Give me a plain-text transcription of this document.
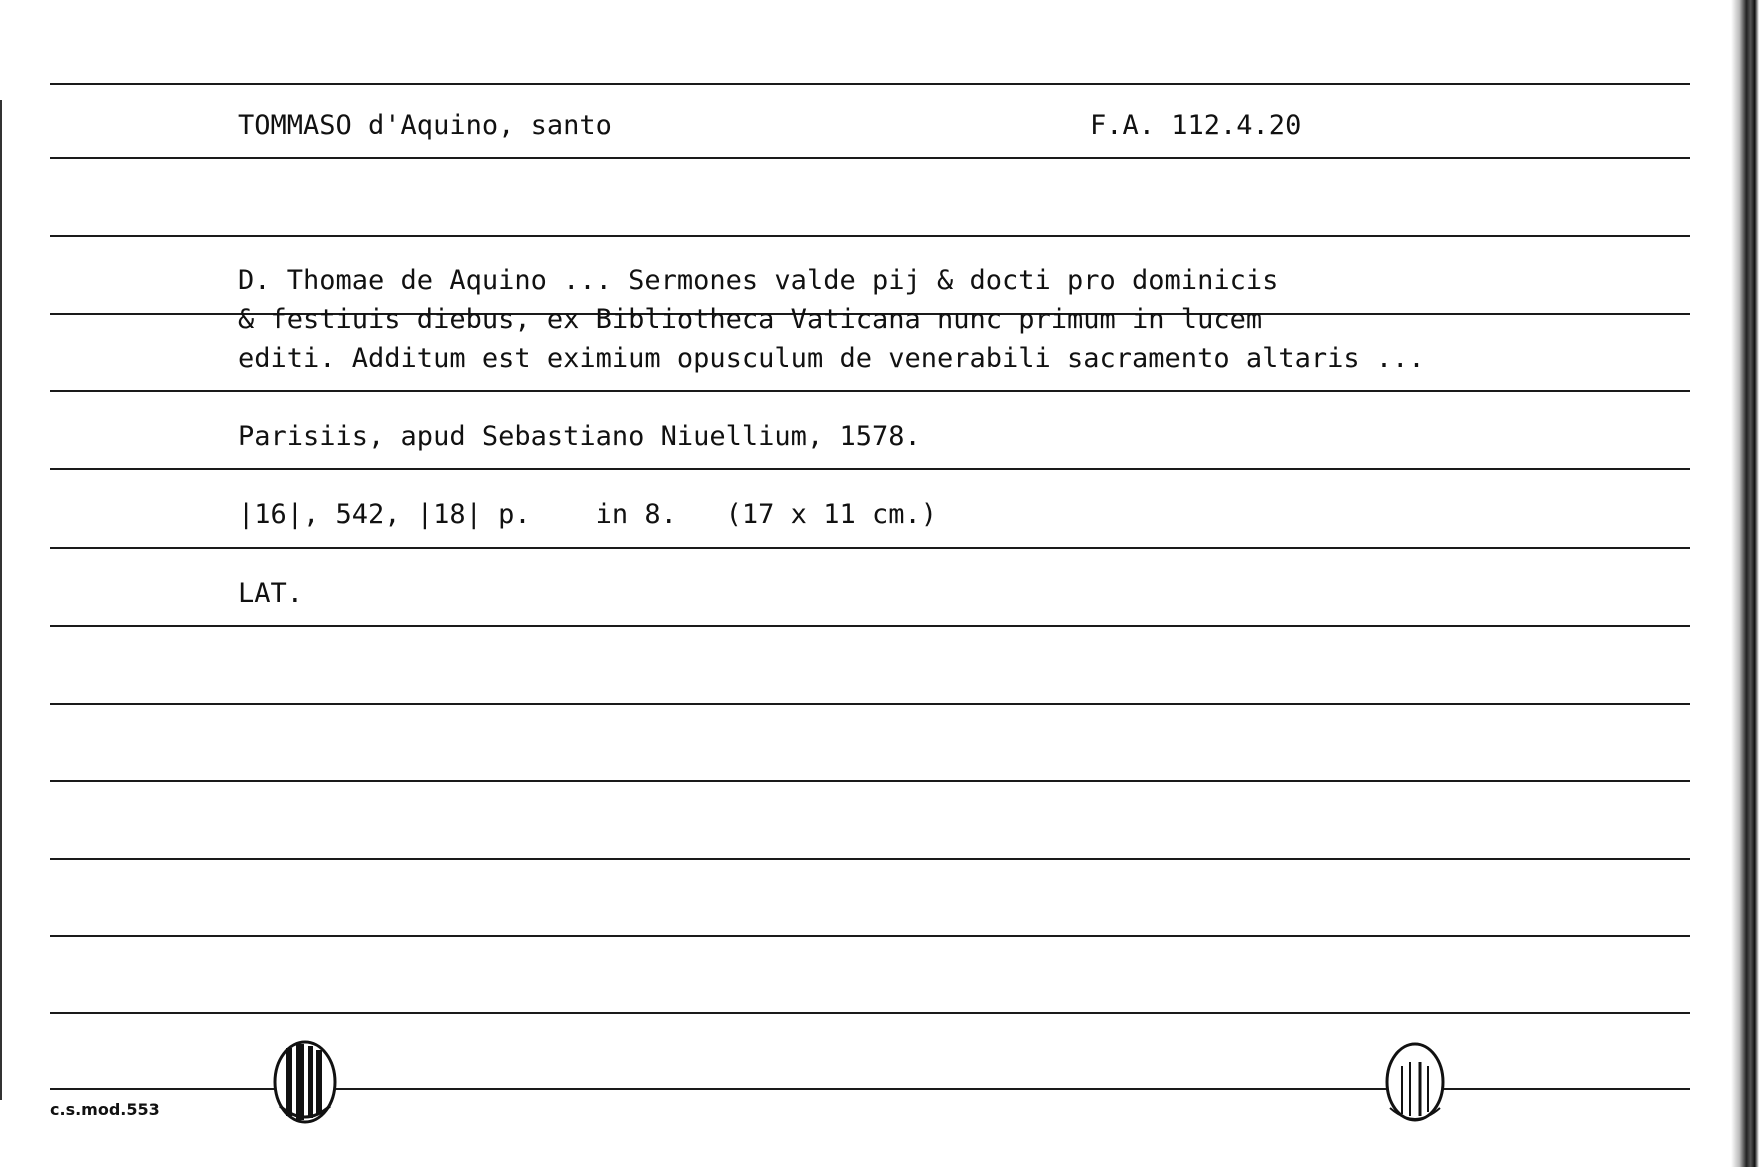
TOMMASO d'Aquino, santo	F.A. 112.4.20
D. Thomae de Aquino ... Sermones valde pij & docti pro dominicis
& festiuis diebus, ex Bibliotheca Vaticana nunc primum in lucem
editi. Additum est eximium opusculum de venerabili sacramento altaris ...
Parisiis, apud Sebastiano Niuellium, 1578.
|16|, 542, |18| p.    in 8.   (17 x 11 cm.)
LAT.
c.s.mod.553
